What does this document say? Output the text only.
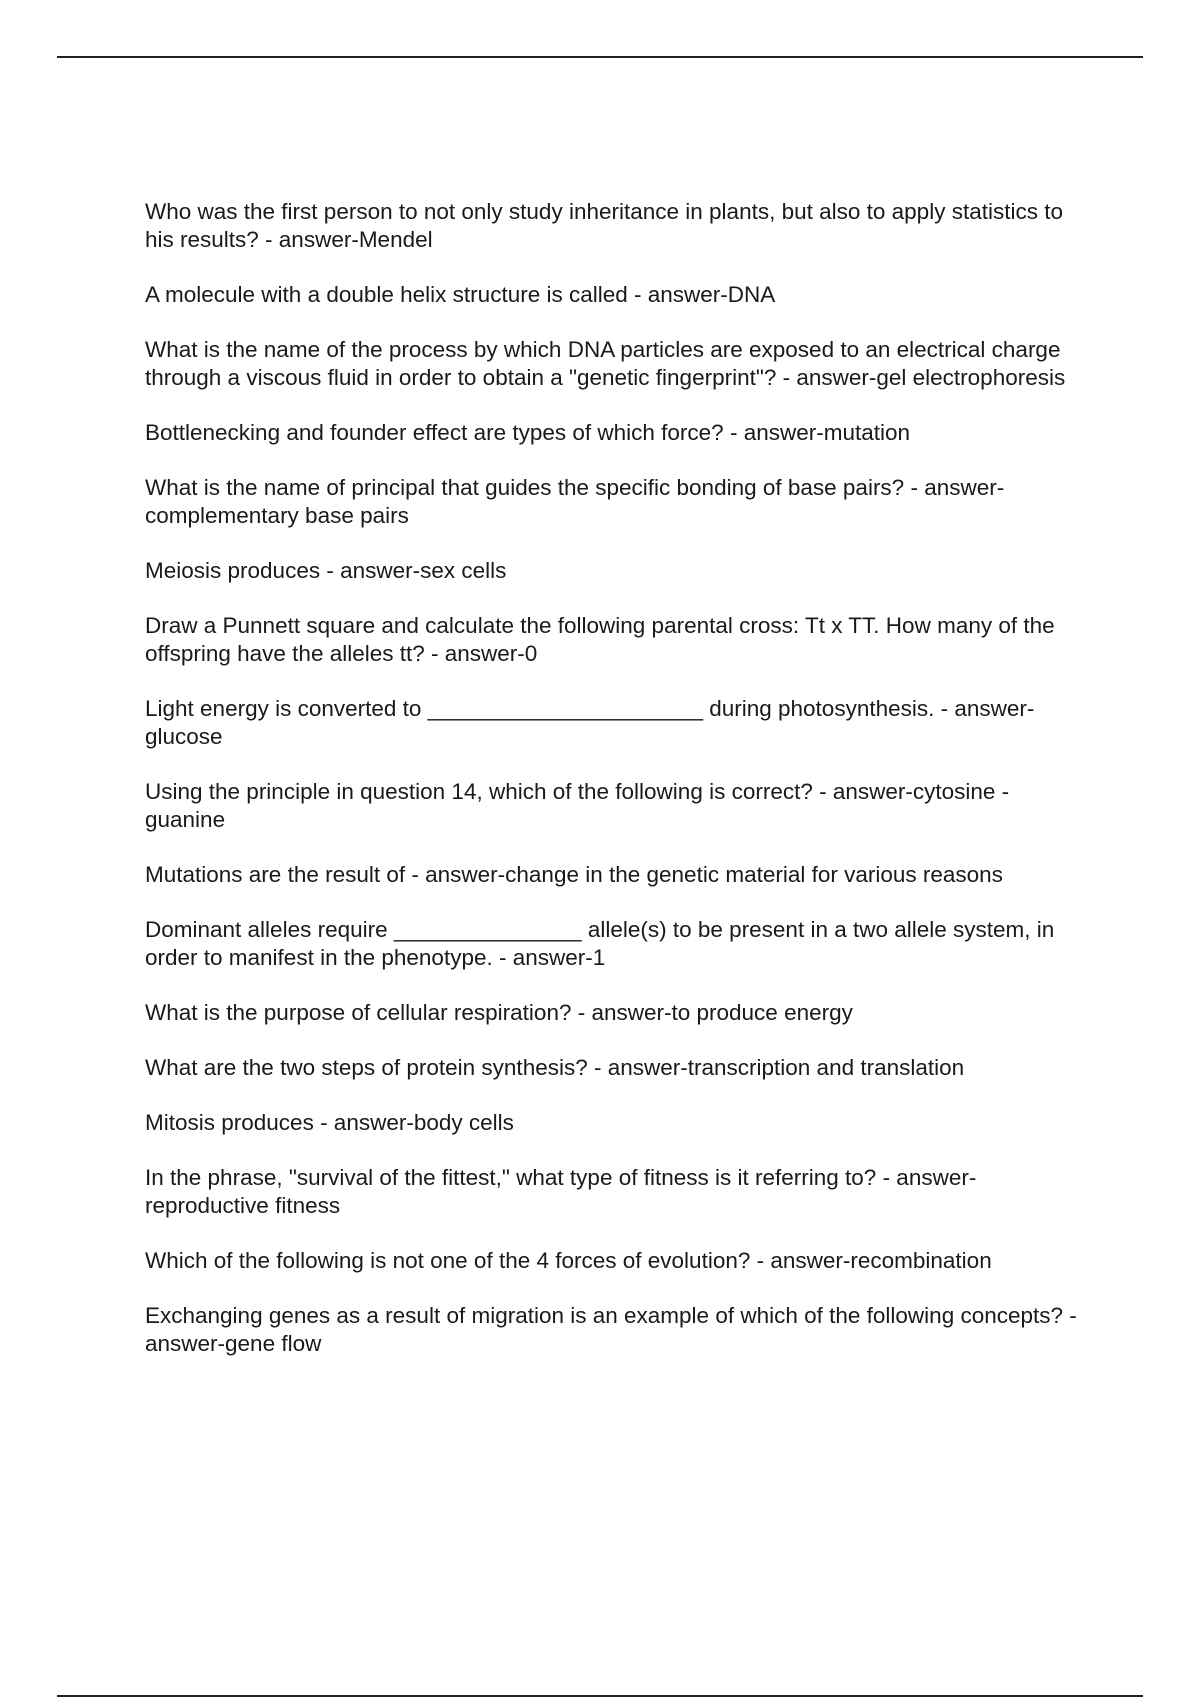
Who was the first person to not only study inheritance in plants, but also to apply statistics to his results? - answer-Mendel
A molecule with a double helix structure is called - answer-DNA
What is the name of the process by which DNA particles are exposed to an electrical charge through a viscous fluid in order to obtain a "genetic fingerprint"? - answer-gel electrophoresis
Bottlenecking and founder effect are types of which force? - answer-mutation
What is the name of principal that guides the specific bonding of base pairs? - answer-complementary base pairs
Meiosis produces - answer-sex cells
Draw a Punnett square and calculate the following parental cross: Tt x TT. How many of the offspring have the alleles tt? - answer-0
Light energy is converted to ______________________ during photosynthesis. - answer-glucose
Using the principle in question 14, which of the following is correct? - answer-cytosine - guanine
Mutations are the result of - answer-change in the genetic material for various reasons
Dominant alleles require _______________ allele(s) to be present in a two allele system, in order to manifest in the phenotype. - answer-1
What is the purpose of cellular respiration? - answer-to produce energy
What are the two steps of protein synthesis? - answer-transcription and translation
Mitosis produces - answer-body cells
In the phrase, "survival of the fittest," what type of fitness is it referring to? - answer-reproductive fitness
Which of the following is not one of the 4 forces of evolution? - answer-recombination
Exchanging genes as a result of migration is an example of which of the following concepts? - answer-gene flow
